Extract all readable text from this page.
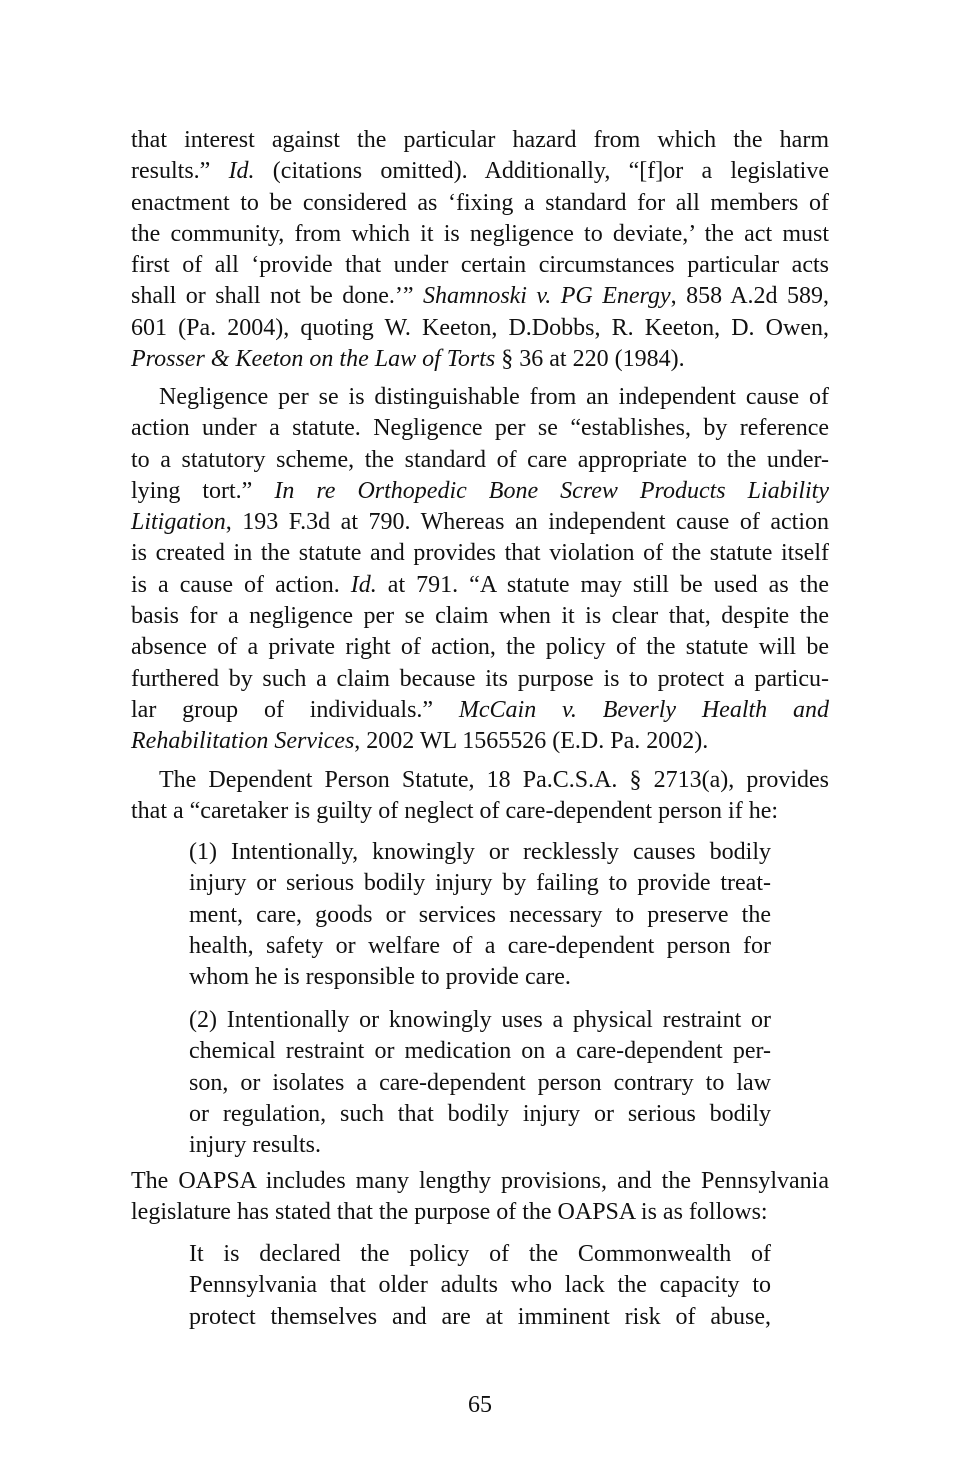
that interest against the particular hazard from which the harm
results.” Id. (citations omitted). Additionally, “[f]or a legislative
enactment to be considered as ‘fixing a standard for all members of
the community, from which it is negligence to deviate,’ the act must
first of all ‘provide that under certain circumstances particular acts
shall or shall not be done.’” Shamnoski v. PG Energy, 858 A.2d 589,
601 (Pa. 2004), quoting W. Keeton, D.Dobbs, R. Keeton, D. Owen,
Prosser & Keeton on the Law of Torts § 36 at 220 (1984).
Negligence per se is distinguishable from an independent cause of
action under a statute. Negligence per se “establishes, by reference
to a statutory scheme, the standard of care appropriate to the under-
lying tort.” In re Orthopedic Bone Screw Products Liability
Litigation, 193 F.3d at 790. Whereas an independent cause of action
is created in the statute and provides that violation of the statute itself
is a cause of action. Id. at 791. “A statute may still be used as the
basis for a negligence per se claim when it is clear that, despite the
absence of a private right of action, the policy of the statute will be
furthered by such a claim because its purpose is to protect a particu-
lar group of individuals.” McCain v. Beverly Health and
Rehabilitation Services, 2002 WL 1565526 (E.D. Pa. 2002).
The Dependent Person Statute, 18 Pa.C.S.A. § 2713(a), provides
that a “caretaker is guilty of neglect of care-dependent person if he:
(1) Intentionally, knowingly or recklessly causes bodily
injury or serious bodily injury by failing to provide treat-
ment, care, goods or services necessary to preserve the
health, safety or welfare of a care-dependent person for
whom he is responsible to provide care.
(2) Intentionally or knowingly uses a physical restraint or
chemical restraint or medication on a care-dependent per-
son, or isolates a care-dependent person contrary to law
or regulation, such that bodily injury or serious bodily
injury results.
The OAPSA includes many lengthy provisions, and the Pennsylvania
legislature has stated that the purpose of the OAPSA is as follows:
It is declared the policy of the Commonwealth of
Pennsylvania that older adults who lack the capacity to
protect themselves and are at imminent risk of abuse,
65
